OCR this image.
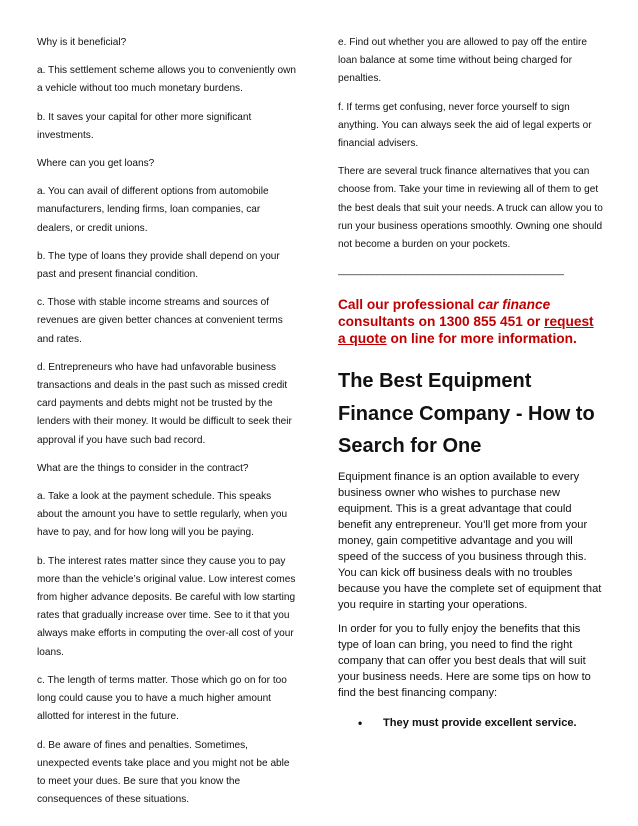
Why is it beneficial?

a. This settlement scheme allows you to conveniently own a vehicle without too much monetary burdens.

b. It saves your capital for other more significant investments.

Where can you get loans?

a. You can avail of different options from automobile manufacturers, lending firms, loan companies, car dealers, or credit unions.

b. The type of loans they provide shall depend on your past and present financial condition.

c. Those with stable income streams and sources of revenues are given better chances at convenient terms and rates.

d. Entrepreneurs who have had unfavorable business transactions and deals in the past such as missed credit card payments and debts might not be trusted by the lenders with their money. It would be difficult to seek their approval if you have such bad record.

What are the things to consider in the contract?

a. Take a look at the payment schedule. This speaks about the amount you have to settle regularly, when you have to pay, and for how long will you be paying.

b. The interest rates matter since they cause you to pay more than the vehicle’s original value. Low interest comes from higher advance deposits. Be careful with low starting rates that gradually increase over time. See to it that you always make efforts in computing the over-all cost of your loans.

c. The length of terms matter. Those which go on for too long could cause you to have a much higher amount allotted for interest in the future.

d. Be aware of fines and penalties. Sometimes, unexpected events take place and you might not be able to meet your dues. Be sure that you know the consequences of these situations.

e. Find out whether you are allowed to pay off the entire loan balance at some time without being charged for penalties.

f. If terms get confusing, never force yourself to sign anything. You can always seek the aid of legal experts or financial advisers.

There are several truck finance alternatives that you can choose from. Take your time in reviewing all of them to get the best deals that suit your needs. A truck can allow you to run your business operations smoothly. Owning one should not become a burden on your pockets.

________________________________________
Call our professional car finance consultants on 1300 855 451 or request a quote on line for more information.
The Best Equipment Finance Company - How to Search for One

Equipment finance is an option available to every business owner who wishes to purchase new equipment. This is a great advantage that could benefit any entrepreneur. You’ll get more from your money, gain competitive advantage and you will speed of the success of you business through this. You can kick off business deals with no troubles because you have the complete set of equipment that you require in starting your operations.

In order for you to fully enjoy the benefits that this type of loan can bring, you need to find the right company that can offer you best deals that will suit your business needs. Here are some tips on how to find the best financing company:

•	They must provide excellent service.
